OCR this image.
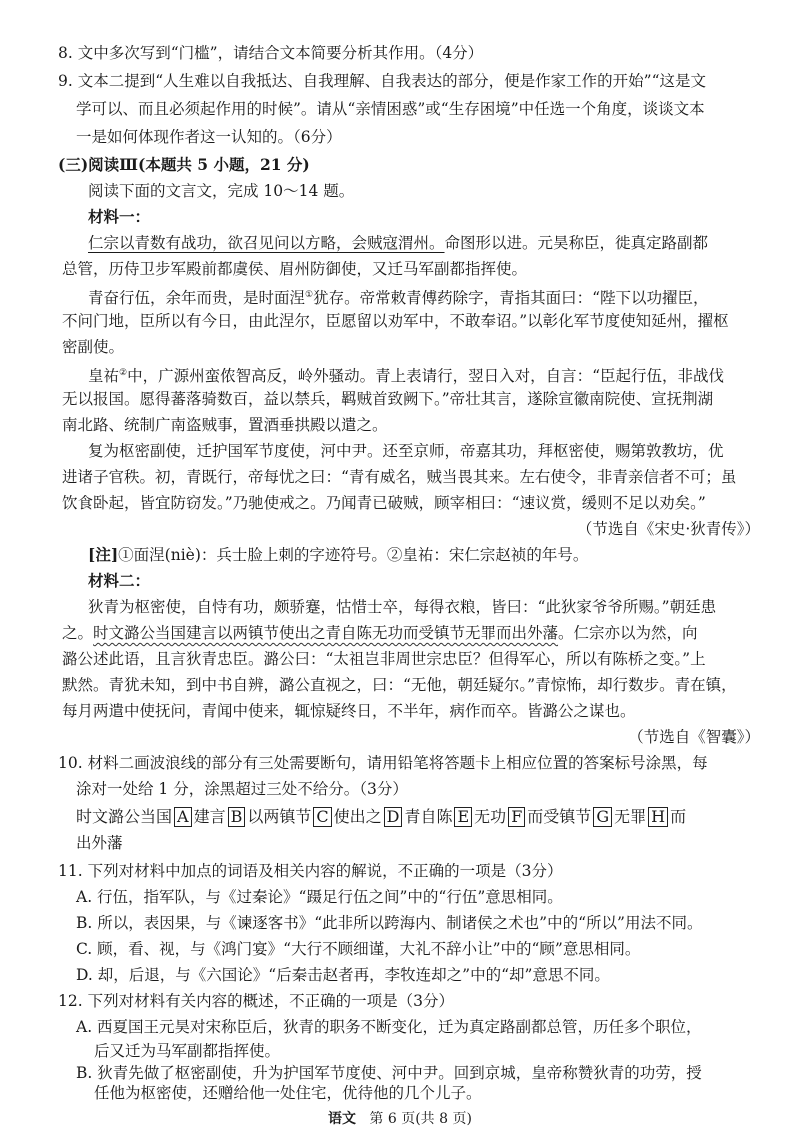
8. 文中多次写到“门槛”，请结合文本简要分析其作用。（4分）
9. 文本二提到“人生难以自我抵达、自我理解、自我表达的部分，便是作家工作的开始”“这是文
学可以、而且必须起作用的时候”。请从“亲情困惑”或“生存困境”中任选一个角度，谈谈文本
一是如何体现作者这一认知的。（6分）
(三)阅读Ⅲ(本题共 5 小题，21 分)
阅读下面的文言文，完成 10～14 题。
材料一：
仁宗以青数有战功，欲召见问以方略，会贼寇渭州。命图形以进。元昊称臣，徙真定路副都
总管，历侍卫步军殿前都虞侯、眉州防御使，又迁马军副都指挥使。
青奋行伍，余年而贵，是时面涅①犹存。帝常敕青傅药除字，青指其面曰：“陛下以功擢臣，
不问门地，臣所以有今日，由此涅尔，臣愿留以劝军中，不敢奉诏。”以彰化军节度使知延州，擢枢
密副使。
皇祐②中，广源州蛮侬智高反，岭外骚动。青上表请行，翌日入对，自言：“臣起行伍，非战伐
无以报国。愿得蕃落骑数百，益以禁兵，羁贼首致阙下。”帝壮其言，遂除宣徽南院使、宣抚荆湖
南北路、统制广南盗贼事，置酒垂拱殿以遣之。
复为枢密副使，迁护国军节度使，河中尹。还至京师，帝嘉其功，拜枢密使，赐第敦教坊，优
进诸子官秩。初，青既行，帝每忧之曰：“青有威名，贼当畏其来。左右使令，非青亲信者不可；虽
饮食卧起，皆宜防窃发。”乃驰使戒之。乃闻青已破贼，顾宰相曰：“速议赏，缓则不足以劝矣。”
（节选自《宋史·狄青传》）
[注]①面涅(niè)：兵士脸上刺的字迹符号。②皇祐：宋仁宗赵祯的年号。
材料二：
狄青为枢密使，自恃有功，颇骄蹇，怙惜士卒，每得衣粮，皆曰：“此狄家爷爷所赐。”朝廷患
之。时文潞公当国建言以两镇节使出之青自陈无功而受镇节无罪而出外藩。仁宗亦以为然，向
潞公述此语，且言狄青忠臣。潞公曰：“太祖岂非周世宗忠臣？但得军心，所以有陈桥之变。”上
默然。青犹未知，到中书自辨，潞公直视之，曰：“无他，朝廷疑尔。”青惊怖，却行数步。青在镇，
每月两遣中使抚问，青闻中使来，辄惊疑终日，不半年，病作而卒。皆潞公之谋也。
（节选自《智囊》）
10. 材料二画波浪线的部分有三处需要断句，请用铅笔将答题卡上相应位置的答案标号涂黑，每
涂对一处给 1 分，涂黑超过三处不给分。（3分）
时文潞公当国 A 建言 B 以两镇节 C 使出之 D 青自陈 E 无功 F 而受镇节 G 无罪 H 而
出外藩
11. 下列对材料中加点的词语及相关内容的解说，不正确的一项是（3分）
A. 行伍，指军队，与《过秦论》“蹑足行伍之间”中的“行伍”意思相同。
B. 所以，表因果，与《谏逐客书》“此非所以跨海内、制诸侯之术也”中的“所以”用法不同。
C. 顾，看、视，与《鸿门宴》“大行不顾细谨，大礼不辞小让”中的“顾”意思相同。
D. 却，后退，与《六国论》“后秦击赵者再，李牧连却之”中的“却”意思不同。
12. 下列对材料有关内容的概述，不正确的一项是（3分）
A. 西夏国王元昊对宋称臣后，狄青的职务不断变化，迁为真定路副都总管，历任多个职位，
后又迁为马军副都指挥使。
B. 狄青先做了枢密副使，升为护国军节度使、河中尹。回到京城，皇帝称赞狄青的功劳，授
任他为枢密使，还赠给他一处住宅，优待他的几个儿子。
语文 第 6 页(共 8 页)
